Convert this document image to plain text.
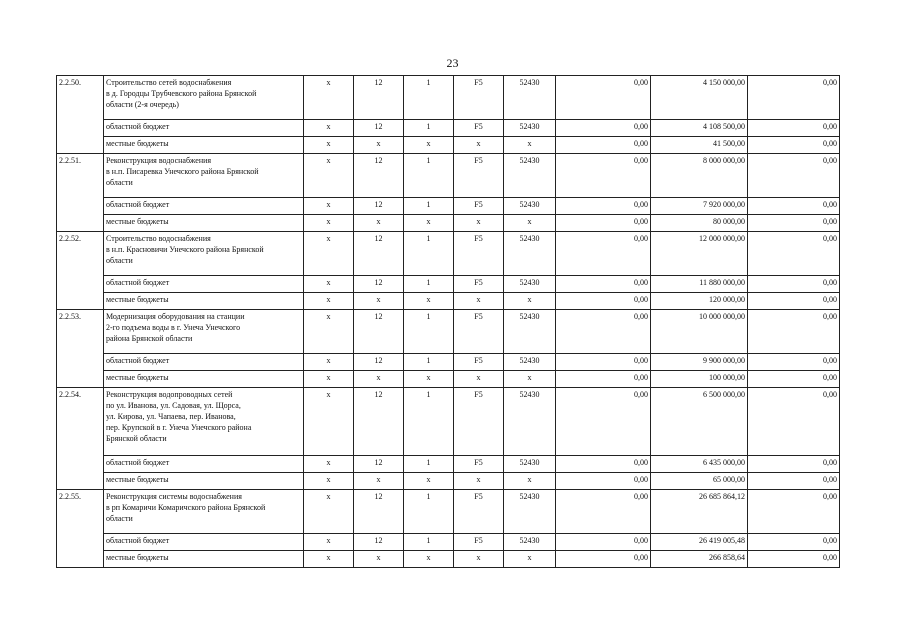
23
2.2.50.	Строительство сетей водоснабжения
в д. Городцы Трубчевского района Брянской
области (2-я очередь)	х	12	1	F5	52430	0,00	4 150 000,00	0,00
	областной бюджет	х	12	1	F5	52430	0,00	4 108 500,00	0,00
	местные бюджеты	х	х	х	х	х	0,00	41 500,00	0,00
2.2.51.	Реконструкция водоснабжения
в н.п. Писаревка Унечского района Брянской
области	х	12	1	F5	52430	0,00	8 000 000,00	0,00
	областной бюджет	х	12	1	F5	52430	0,00	7 920 000,00	0,00
	местные бюджеты	х	х	х	х	х	0,00	80 000,00	0,00
2.2.52.	Строительство водоснабжения
в н.п. Красновичи Унечского района Брянской
области	х	12	1	F5	52430	0,00	12 000 000,00	0,00
	областной бюджет	х	12	1	F5	52430	0,00	11 880 000,00	0,00
	местные бюджеты	х	х	х	х	х	0,00	120 000,00	0,00
2.2.53.	Модернизация оборудования на станции
2-го подъема воды в г. Унеча Унечского
района Брянской области	х	12	1	F5	52430	0,00	10 000 000,00	0,00
	областной бюджет	х	12	1	F5	52430	0,00	9 900 000,00	0,00
	местные бюджеты	х	х	х	х	х	0,00	100 000,00	0,00
2.2.54.	Реконструкция водопроводных сетей
по ул. Иванова, ул. Садовая, ул. Щорса,
ул. Кирова, ул. Чапаева, пер. Иванова,
пер. Крупской в г. Унеча Унечского района
Брянской области	х	12	1	F5	52430	0,00	6 500 000,00	0,00
	областной бюджет	х	12	1	F5	52430	0,00	6 435 000,00	0,00
	местные бюджеты	х	х	х	х	х	0,00	65 000,00	0,00
2.2.55.	Реконструкция системы водоснабжения
в рп Комаричи Комаричского района Брянской
области	х	12	1	F5	52430	0,00	26 685 864,12	0,00
	областной бюджет	х	12	1	F5	52430	0,00	26 419 005,48	0,00
	местные бюджеты	х	х	х	х	х	0,00	266 858,64	0,00
